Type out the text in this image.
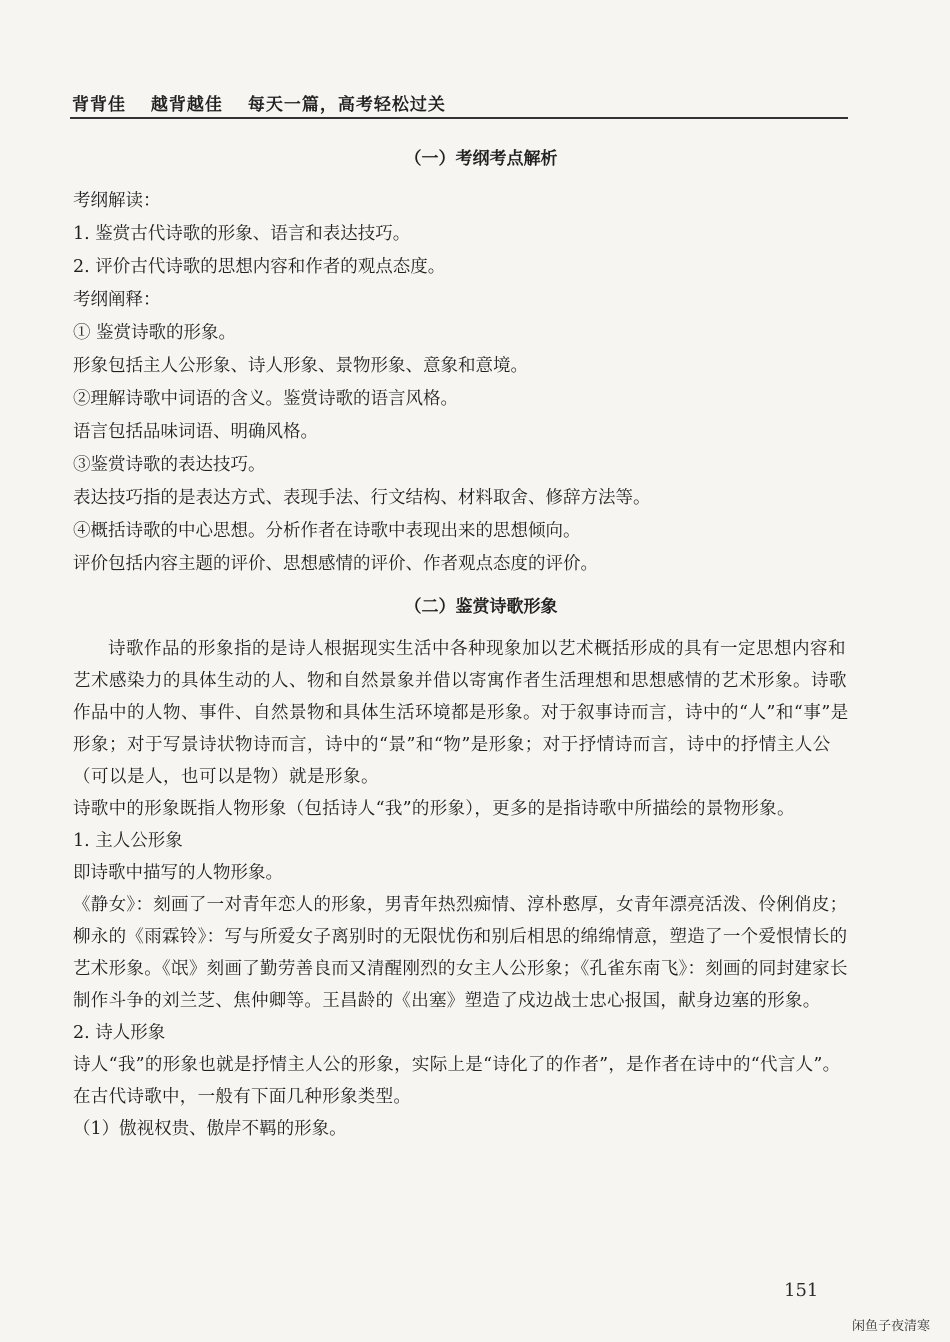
背背佳 越背越佳 每天一篇，高考轻松过关
（一）考纲考点解析

考纲解读：

1. 鉴赏古代诗歌的形象、语言和表达技巧。

2. 评价古代诗歌的思想内容和作者的观点态度。

考纲阐释：

① 鉴赏诗歌的形象。

形象包括主人公形象、诗人形象、景物形象、意象和意境。

②理解诗歌中词语的含义。鉴赏诗歌的语言风格。

语言包括品味词语、明确风格。

③鉴赏诗歌的表达技巧。

表达技巧指的是表达方式、表现手法、行文结构、材料取舍、修辞方法等。

④概括诗歌的中心思想。分析作者在诗歌中表现出来的思想倾向。

评价包括内容主题的评价、思想感情的评价、作者观点态度的评价。

（二）鉴赏诗歌形象

诗歌作品的形象指的是诗人根据现实生活中各种现象加以艺术概括形成的具有一定思想内容和艺术感染力的具体生动的人、物和自然景象并借以寄寓作者生活理想和思想感情的艺术形象。诗歌作品中的人物、事件、自然景物和具体生活环境都是形象。对于叙事诗而言，诗中的“人”和“事”是形象；对于写景诗状物诗而言，诗中的“景”和“物”是形象；对于抒情诗而言，诗中的抒情主人公（可以是人，也可以是物）就是形象。

诗歌中的形象既指人物形象（包括诗人“我”的形象），更多的是指诗歌中所描绘的景物形象。

1. 主人公形象

即诗歌中描写的人物形象。

《静女》：刻画了一对青年恋人的形象，男青年热烈痴情、淳朴憨厚，女青年漂亮活泼、伶俐俏皮；

柳永的《雨霖铃》：写与所爱女子离别时的无限忧伤和别后相思的绵绵情意，塑造了一个爱恨情长的艺术形象。《氓》刻画了勤劳善良而又清醒刚烈的女主人公形象；《孔雀东南飞》：刻画的同封建家长制作斗争的刘兰芝、焦仲卿等。王昌龄的《出塞》塑造了戍边战士忠心报国，献身边塞的形象。

2. 诗人形象

诗人“我”的形象也就是抒情主人公的形象，实际上是“诗化了的作者”，是作者在诗中的“代言人”。在古代诗歌中，一般有下面几种形象类型。

（1）傲视权贵、傲岸不羁的形象。

151
闲鱼子夜清寒
